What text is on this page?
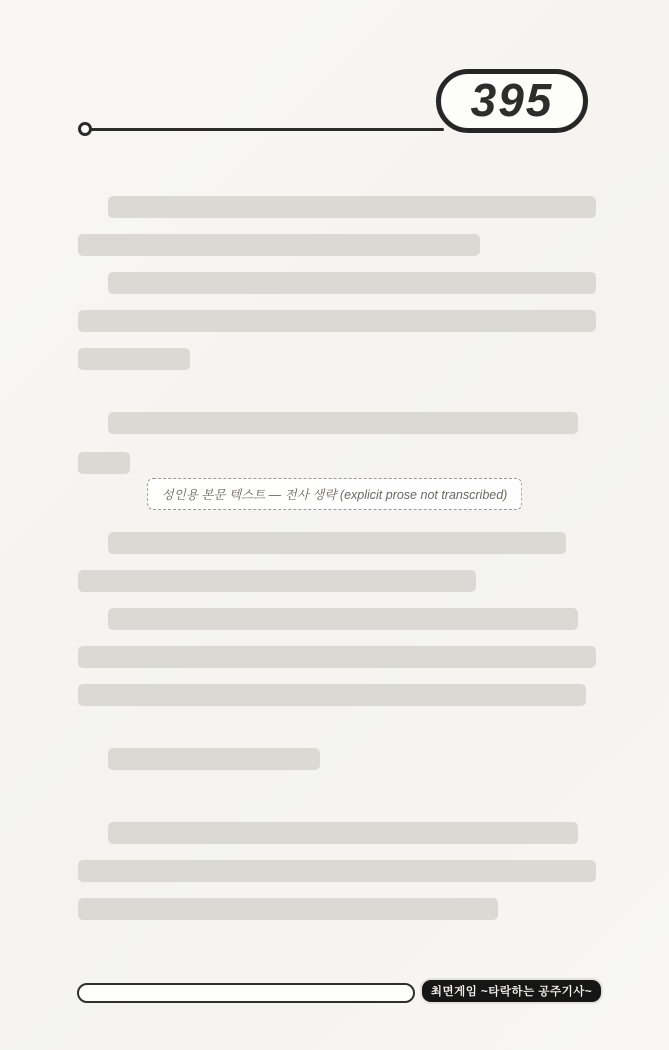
395
성인용 본문 텍스트 — 전사 생략 (explicit prose not transcribed)
최면게임 ~타락하는 공주기사~
